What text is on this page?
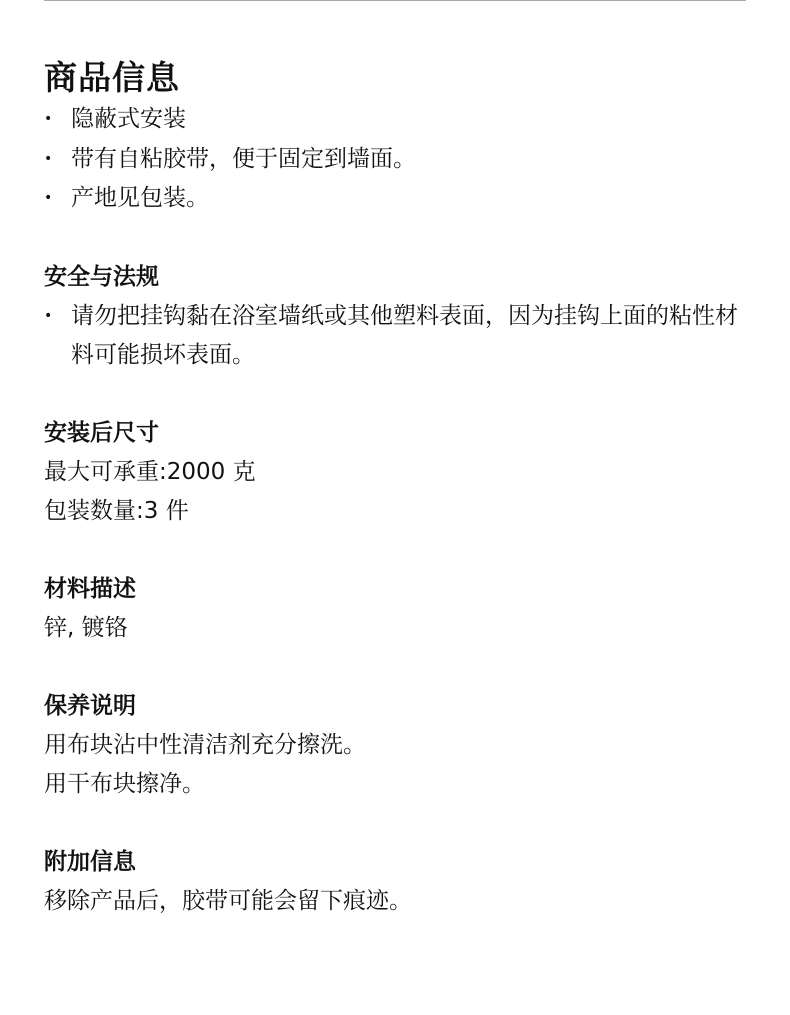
商品信息
• 隐蔽式安装
• 带有自粘胶带，便于固定到墙面。
• 产地见包装。
安全与法规
• 请勿把挂钩黏在浴室墙纸或其他塑料表面，因为挂钩上面的粘性材料可能损坏表面。
安装后尺寸

最大可承重:2000 克

包装数量:3 件

材料描述

锌, 镀铬

保养说明

用布块沾中性清洁剂充分擦洗。

用干布块擦净。

附加信息

移除产品后，胶带可能会留下痕迹。
